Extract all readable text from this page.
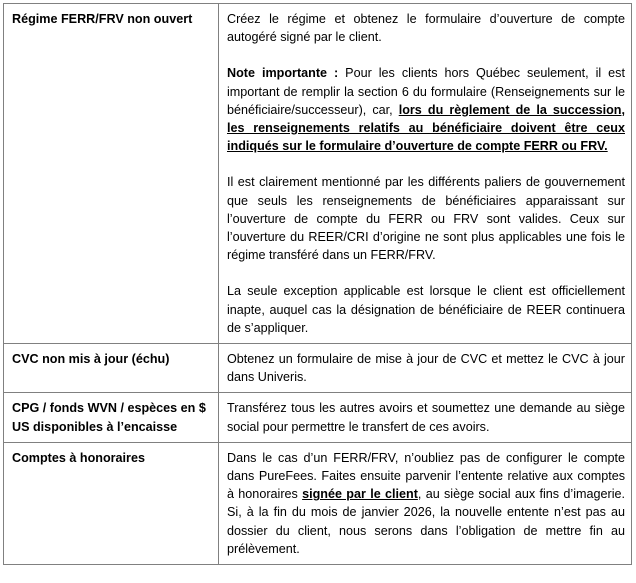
Régime FERR/FRV non ouvert	Créez le régime et obtenez le formulaire d’ouverture de compte autogéré signé par le client.

Note importante : Pour les clients hors Québec seulement, il est important de remplir la section 6 du formulaire (Renseignements sur le bénéficiaire/successeur), car, lors du règlement de la succession, les renseignements relatifs au bénéficiaire doivent être ceux indiqués sur le formulaire d’ouverture de compte FERR ou FRV.

Il est clairement mentionné par les différents paliers de gouvernement que seuls les renseignements de bénéficiaires apparaissant sur l’ouverture de compte du FERR ou FRV sont valides. Ceux sur l’ouverture du REER/CRI d’origine ne sont plus applicables une fois le régime transféré dans un FERR/FRV.

La seule exception applicable est lorsque le client est officiellement inapte, auquel cas la désignation de bénéficiaire de REER continuera de s’appliquer.

CVC non mis à jour (échu)	Obtenez un formulaire de mise à jour de CVC et mettez le CVC à jour dans Univeris.

CPG / fonds WVN / espèces en $ US disponibles à l’encaisse	Transférez tous les autres avoirs et soumettez une demande au siège social pour permettre le transfert de ces avoirs.

Comptes à honoraires	Dans le cas d’un FERR/FRV, n’oubliez pas de configurer le compte dans PureFees. Faites ensuite parvenir l’entente relative aux comptes à honoraires signée par le client, au siège social aux fins d’imagerie. Si, à la fin du mois de janvier 2026, la nouvelle entente n’est pas au dossier du client, nous serons dans l’obligation de mettre fin au prélèvement.
